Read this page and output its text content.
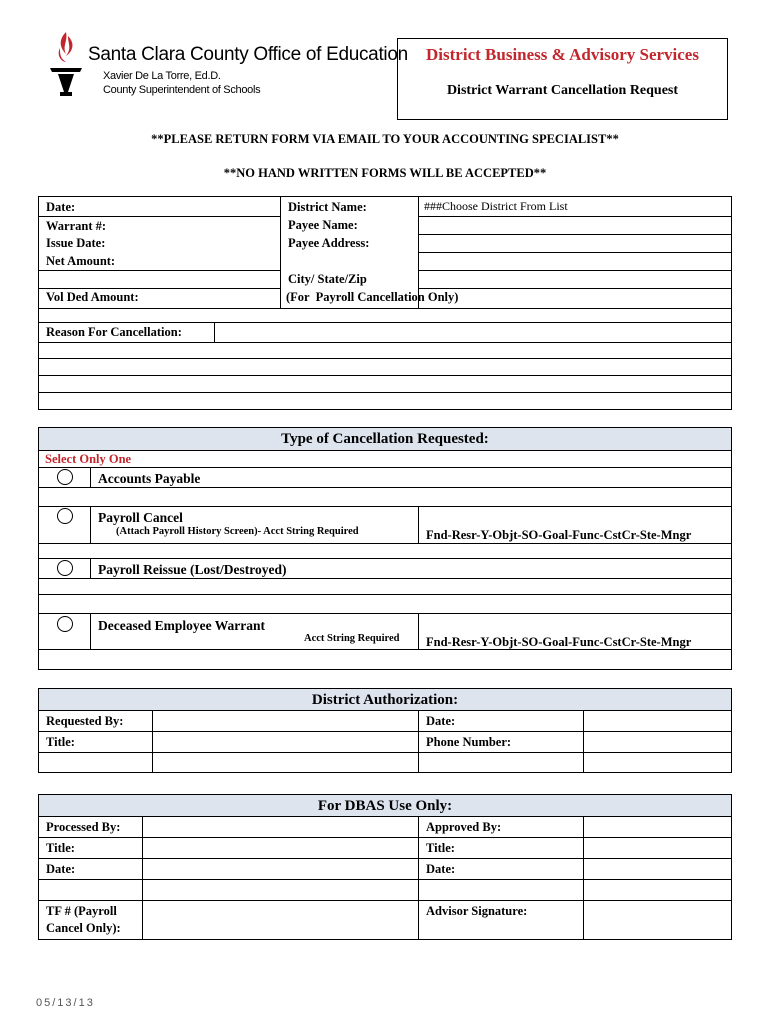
Santa Clara County Office of Education
Xavier De La Torre, Ed.D.
County Superintendent of Schools
District Business & Advisory Services
District Warrant Cancellation Request
**PLEASE RETURN FORM VIA EMAIL TO YOUR ACCOUNTING SPECIALIST**
**NO HAND WRITTEN FORMS WILL BE ACCEPTED**
Date:
Warrant #:
Issue Date:
Net Amount:
Vol Ded Amount:
District Name:	###Choose District From List
Payee Name:
Payee Address:
City/ State/Zip
(For  Payroll Cancellation Only)
Reason For Cancellation:
Type of Cancellation Requested:
Select Only One
Accounts Payable
Payroll Cancel
(Attach Payroll History Screen)- Acct String Required	Fnd-Resr-Y-Objt-SO-Goal-Func-CstCr-Ste-Mngr
Payroll Reissue (Lost/Destroyed)
Deceased Employee Warrant
Acct String Required Fnd-Resr-Y-Objt-SO-Goal-Func-CstCr-Ste-Mngr
District Authorization:
Requested By:
Title:
Date:
Phone Number:
For DBAS Use Only:
Processed By:
Title:
Date:
TF # (Payroll
Cancel Only):
Approved By:
Title:
Date:
Advisor Signature:
05/13/13
